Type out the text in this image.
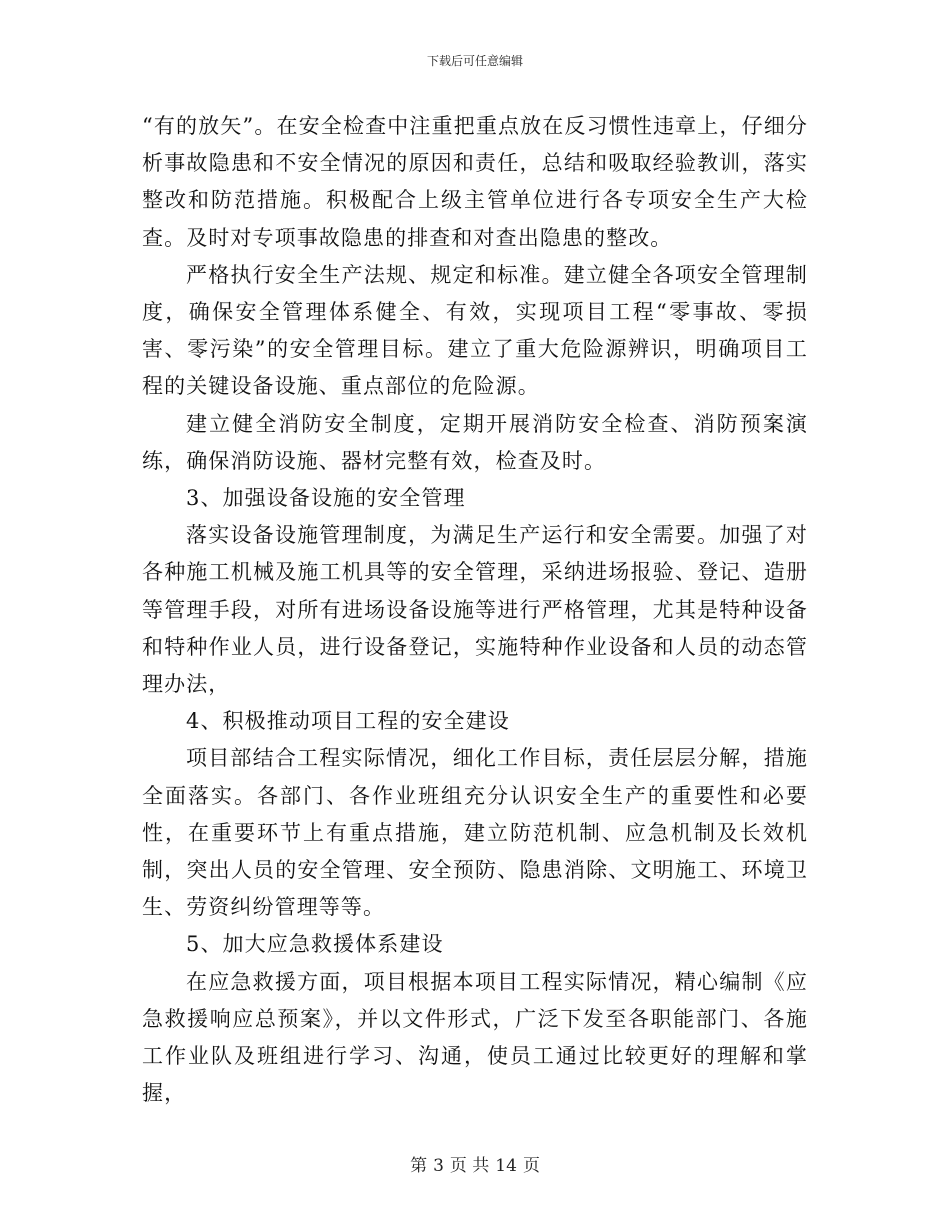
下载后可任意编辑

“有的放矢”。在安全检查中注重把重点放在反习惯性违章上，仔细分析事故隐患和不安全情况的原因和责任，总结和吸取经验教训，落实整改和防范措施。积极配合上级主管单位进行各专项安全生产大检查。及时对专项事故隐患的排查和对查出隐患的整改。

严格执行安全生产法规、规定和标准。建立健全各项安全管理制度，确保安全管理体系健全、有效，实现项目工程“零事故、零损害、零污染”的安全管理目标。建立了重大危险源辨识，明确项目工程的关键设备设施、重点部位的危险源。

建立健全消防安全制度，定期开展消防安全检查、消防预案演练，确保消防设施、器材完整有效，检查及时。

3、加强设备设施的安全管理

落实设备设施管理制度，为满足生产运行和安全需要。加强了对各种施工机械及施工机具等的安全管理，采纳进场报验、登记、造册等管理手段，对所有进场设备设施等进行严格管理，尤其是特种设备和特种作业人员，进行设备登记，实施特种作业设备和人员的动态管理办法，

4、积极推动项目工程的安全建设

项目部结合工程实际情况，细化工作目标，责任层层分解，措施全面落实。各部门、各作业班组充分认识安全生产的重要性和必要性，在重要环节上有重点措施，建立防范机制、应急机制及长效机制，突出人员的安全管理、安全预防、隐患消除、文明施工、环境卫生、劳资纠纷管理等等。

5、加大应急救援体系建设

在应急救援方面，项目根据本项目工程实际情况，精心编制《应急救援响应总预案》，并以文件形式，广泛下发至各职能部门、各施工作业队及班组进行学习、沟通，使员工通过比较更好的理解和掌握，

第 3 页 共 14 页
